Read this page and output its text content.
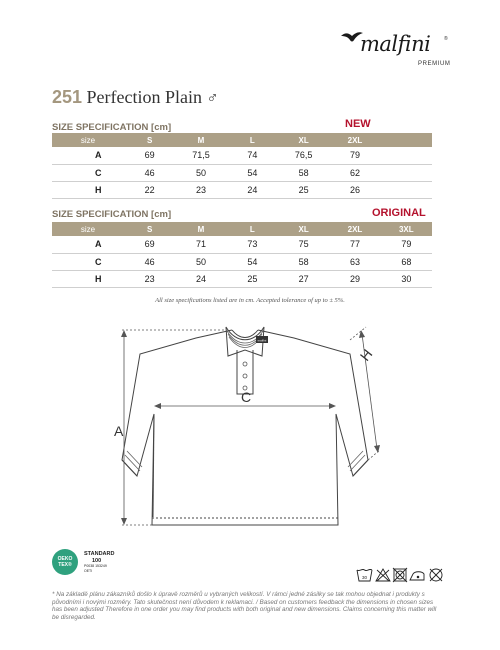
malfini	®
PREMIUM
251 Perfection Plain ♂
SIZE SPECIFICATION [cm]	NEW
size	S	M	L	XL	2XL	
A	69	71,5	74	76,5	79	
C	46	50	54	58	62	
H	22	23	24	25	26	
SIZE SPECIFICATION [cm]	ORIGINAL
size	S	M	L	XL	2XL	3XL
A	69	71	73	75	77	79
C	46	50	54	58	63	68
H	23	24	25	27	29	30
All size specifications listed are in cm. Accepted tolerance of up to ± 5%.
malfini
A
C
H
OEKO
TEX®
STANDARD
100
P0038 153249
OETI
30
* Na základě plánu zákazníků došlo k úpravě rozměrů u vybraných velikostí. V rámci jedné zásilky se tak mohou objednat i produkty s původními i novými rozměry. Tato skutečnost není důvodem k reklamaci. / Based on customers feedback the dimensions in chosen sizes has been adjusted Therefore in one order you may find products with both original and new dimensions. Claims concerning this matter will be disregarded.
